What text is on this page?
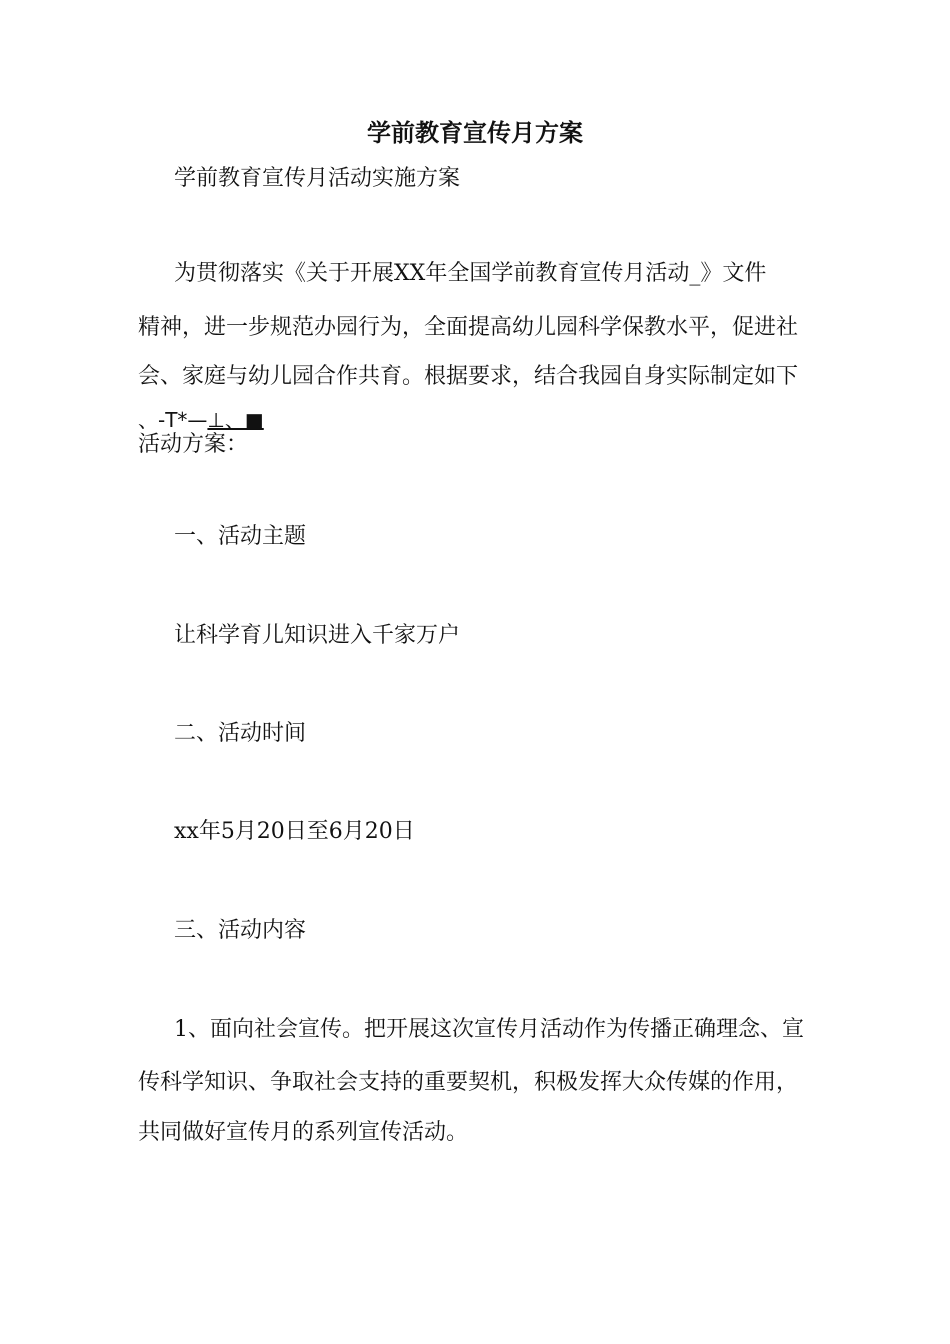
学前教育宣传月方案

学前教育宣传月活动实施方案

为贯彻落实《关于开展XX年全国学前教育宣传月活动_》文件

精神，进一步规范办园行为，全面提高幼儿园科学保教水平，促进社

会、家庭与幼儿园合作共育。根据要求，结合我园自身实际制定如下

、-T*—⊥、■

活动方案：

一、活动主题

让科学育儿知识进入千家万户

二、活动时间

xx年5月20日至6月20日

三、活动内容

1、面向社会宣传。把开展这次宣传月活动作为传播正确理念、宣

传科学知识、争取社会支持的重要契机，积极发挥大众传媒的作用，

共同做好宣传月的系列宣传活动。
